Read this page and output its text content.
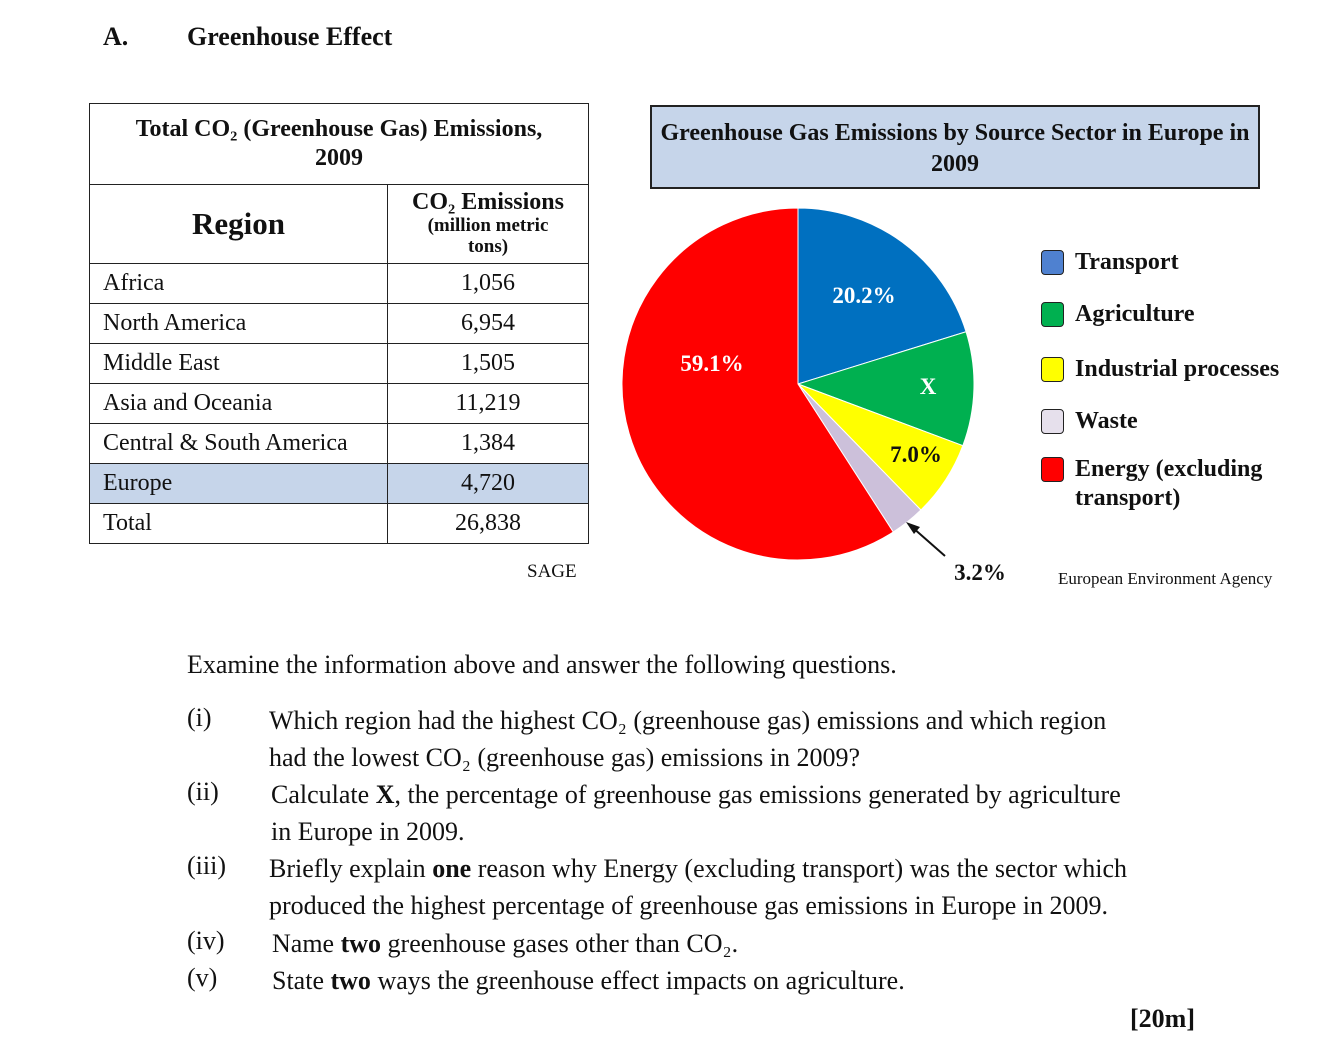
A. Greenhouse Effect
Total CO₂ (Greenhouse Gas) Emissions,
2009	
Region	CO₂ Emissions
(million metric
tons)

Africa	1,056
North America	6,954
Middle East	1,505
Asia and Oceania	11,219
Central & South America	1,384
Europe	4,720
Total	26,838
SAGE
Greenhouse Gas Emissions by Source Sector in Europe in 2009
20.2%
X
7.0%
59.1%
3.2%
Transport
Agriculture
Industrial processes
Waste
Energy (excluding
transport)
European Environment Agency
Examine the information above and answer the following questions.
(i) Which region had the highest CO₂ (greenhouse gas) emissions and which region
had the lowest CO₂ (greenhouse gas) emissions in 2009?
(ii) Calculate X, the percentage of greenhouse gas emissions generated by agriculture
in Europe in 2009.
(iii) Briefly explain one reason why Energy (excluding transport) was the sector which
produced the highest percentage of greenhouse gas emissions in Europe in 2009.
(iv) Name two greenhouse gases other than CO₂.
(v) State two ways the greenhouse effect impacts on agriculture.
[20m]
